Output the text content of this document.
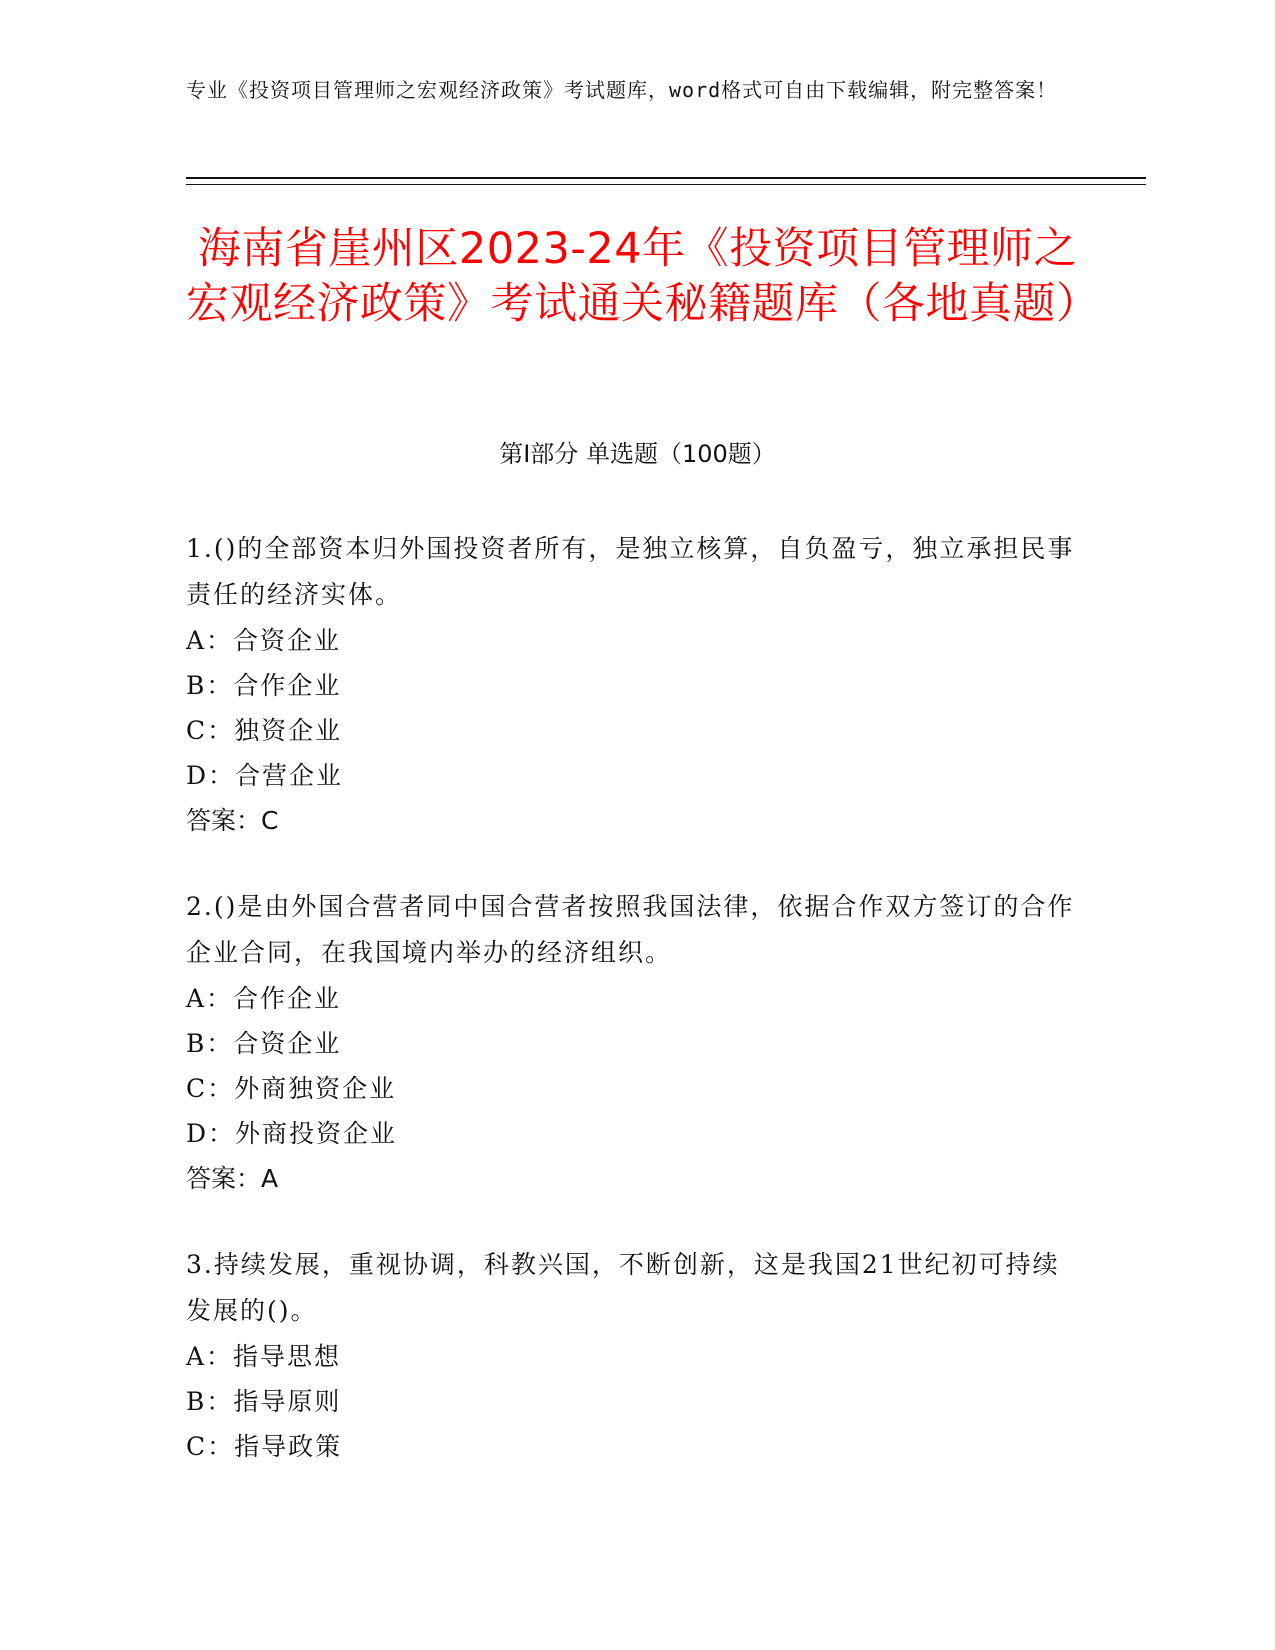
专业《投资项目管理师之宏观经济政策》考试题库，word格式可自由下载编辑，附完整答案！
海南省崖州区2023-24年《投资项目管理师之宏观经济政策》考试通关秘籍题库（各地真题）
第I部分 单选题（100题）
1.()的全部资本归外国投资者所有，是独立核算，自负盈亏，独立承担民事责任的经济实体。
A：合资企业
B：合作企业
C：独资企业
D：合营企业
答案：C
2.()是由外国合营者同中国合营者按照我国法律，依据合作双方签订的合作企业合同，在我国境内举办的经济组织。
A：合作企业
B：合资企业
C：外商独资企业
D：外商投资企业
答案：A
3.持续发展，重视协调，科教兴国，不断创新，这是我国21世纪初可持续发展的()。
A：指导思想
B：指导原则
C：指导政策
